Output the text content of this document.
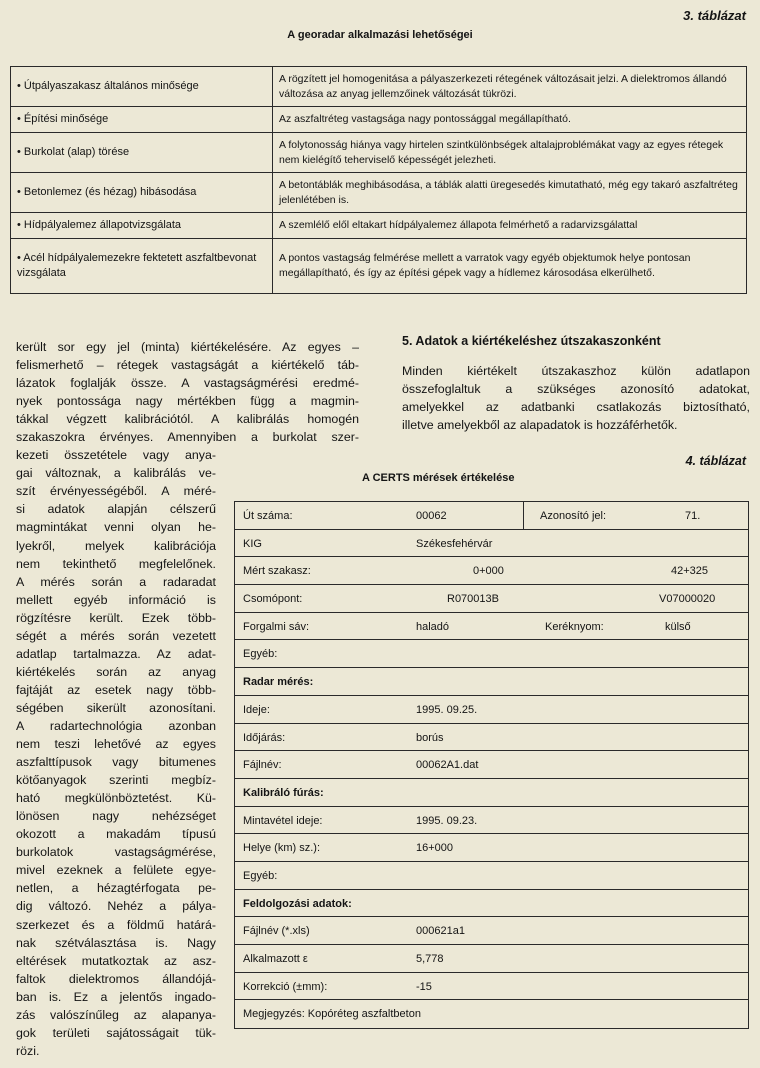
3. táblázat
A georadar alkalmazási lehetőségei
• Útpályaszakasz általános minősége	A rögzített jel homogenitása a pályaszerkezeti rétegének változásait jelzi. A dielektromos állandó változása az anyag jellemzőinek változását tükrözi.
• Építési minősége	Az aszfaltréteg vastagsága nagy pontossággal megállapítható.
• Burkolat (alap) törése	A folytonosság hiánya vagy hirtelen szintkülönbségek altalajproblémákat vagy az egyes rétegek nem kielégítő teherviselő képességét jelezheti.
• Betonlemez (és hézag) hibásodása	A betontáblák meghibásodása, a táblák alatti üregesedés kimutatható, még egy takaró aszfaltréteg jelenlétében is.
• Hídpályalemez állapotvizsgálata	A szemlélő elől eltakart hídpályalemez állapota felmérhető a radarvizsgálattal
• Acél hídpályalemezekre fektetett aszfaltbevonat vizsgálata	A pontos vastagság felmérése mellett a varratok vagy egyéb objektumok helye pontosan megállapítható, és így az építési gépek vagy a hídlemez károsodása elkerülhető.
került sor egy jel (minta) kiértékelésére. Az egyes –
felismerhető – rétegek vastagságát a kiértékelő táb-
lázatok foglalják össze. A vastagságmérési eredmé-
nyek pontossága nagy mértékben függ a magmin-
tákkal végzett kalibrációtól. A kalibrálás homogén
szakaszokra érvényes. Amennyiben a burkolat szer-
kezeti összetétele vagy anya-
gai változnak, a kalibrálás ve-
szít érvényességéből. A méré-
si adatok alapján célszerű
magmintákat venni olyan he-
lyekről, melyek kalibrációja
nem tekinthető megfelelőnek.
A mérés során a radaradat
mellett egyéb információ is
rögzítésre került. Ezek több-
ségét a mérés során vezetett
adatlap tartalmazza. Az adat-
kiértékelés során az anyag
fajtáját az esetek nagy több-
ségében sikerült azonosítani.
A radartechnológia azonban
nem teszi lehetővé az egyes
aszfalttípusok vagy bitumenes
kötőanyagok szerinti megbíz-
ható megkülönböztetést. Kü-
lönösen nagy nehézséget
okozott a makadám típusú
burkolatok vastagságmérése,
mivel ezeknek a felülete egye-
netlen, a hézagtérfogata pe-
dig változó. Nehéz a pálya-
szerkezet és a földmű határá-
nak szétválasztása is. Nagy
eltérések mutatkoztak az asz-
faltok dielektromos állandójá-
ban is. Ez a jelentős ingado-
zás valószínűleg az alapanya-
gok területi sajátosságait tük-
rözi.
5. Adatok a kiértékeléshez útszakaszonként
Minden kiértékelt útszakaszhoz külön adatlapon
összefoglaltuk a szükséges azonosító adatokat,
amelyekkel az adatbanki csatlakozás biztosítható,
illetve amelyekből az alapadatok is hozzáférhetők.
4. táblázat
A CERTS mérések értékelése
Út száma:	00062	Azonosító jel:	71.
KIG	Székesfehérvár
Mért szakasz:	0+000	42+325
Csomópont:	R070013B	V07000020
Forgalmi sáv:	haladó	Keréknyom:	külső
Egyéb:
Radar mérés:
Ideje:	1995. 09.25.
Időjárás:	borús
Fájlnév:	00062A1.dat
Kalibráló fúrás:
Mintavétel ideje:	1995. 09.23.
Helye (km) sz.):	16+000
Egyéb:
Feldolgozási adatok:
Fájlnév (*.xls)	000621a1
Alkalmazott ε	5,778
Korrekció (±mm):	-15
Megjegyzés: Kopóréteg aszfaltbeton
